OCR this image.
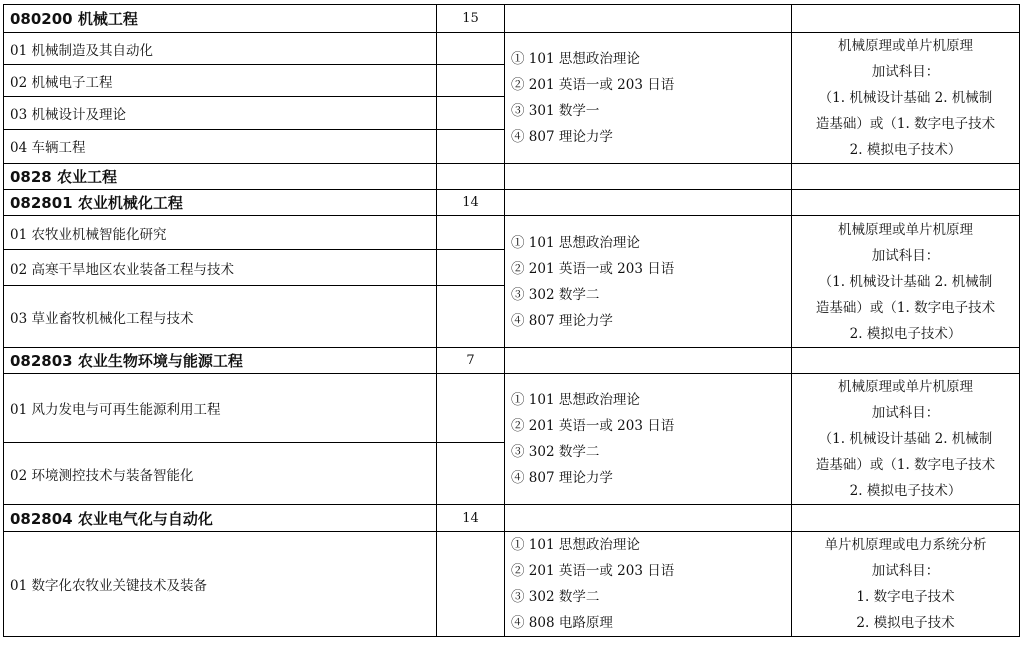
080200 机械工程	15		
01 机械制造及其自动化		① 101 思想政治理论
② 201 英语一或 203 日语
③ 301 数学一
④ 807 理论力学	机械原理或单片机原理
加试科目：
（1. 机械设计基础 2. 机械制
造基础）或（1. 数字电子技术
2. 模拟电子技术）

02 机械电子工程			
03 机械设计及理论			
04 车辆工程			
0828 农业工程			
082801 农业机械化工程	14		
01 农牧业机械智能化研究		① 101 思想政治理论
② 201 英语一或 203 日语
③ 302 数学二
④ 807 理论力学	机械原理或单片机原理
加试科目：
（1. 机械设计基础 2. 机械制
造基础）或（1. 数字电子技术
2. 模拟电子技术）

02 高寒干旱地区农业装备工程与技术			
03 草业畜牧机械化工程与技术			
082803 农业生物环境与能源工程	7		
01 风力发电与可再生能源利用工程		① 101 思想政治理论
② 201 英语一或 203 日语
③ 302 数学二
④ 807 理论力学	机械原理或单片机原理
加试科目：
（1. 机械设计基础 2. 机械制
造基础）或（1. 数字电子技术
2. 模拟电子技术）

02 环境测控技术与装备智能化			
082804 农业电气化与自动化	14		
01 数字化农牧业关键技术及装备		① 101 思想政治理论
② 201 英语一或 203 日语
③ 302 数学二
④ 808 电路原理	单片机原理或电力系统分析
加试科目：
1. 数字电子技术
2. 模拟电子技术
